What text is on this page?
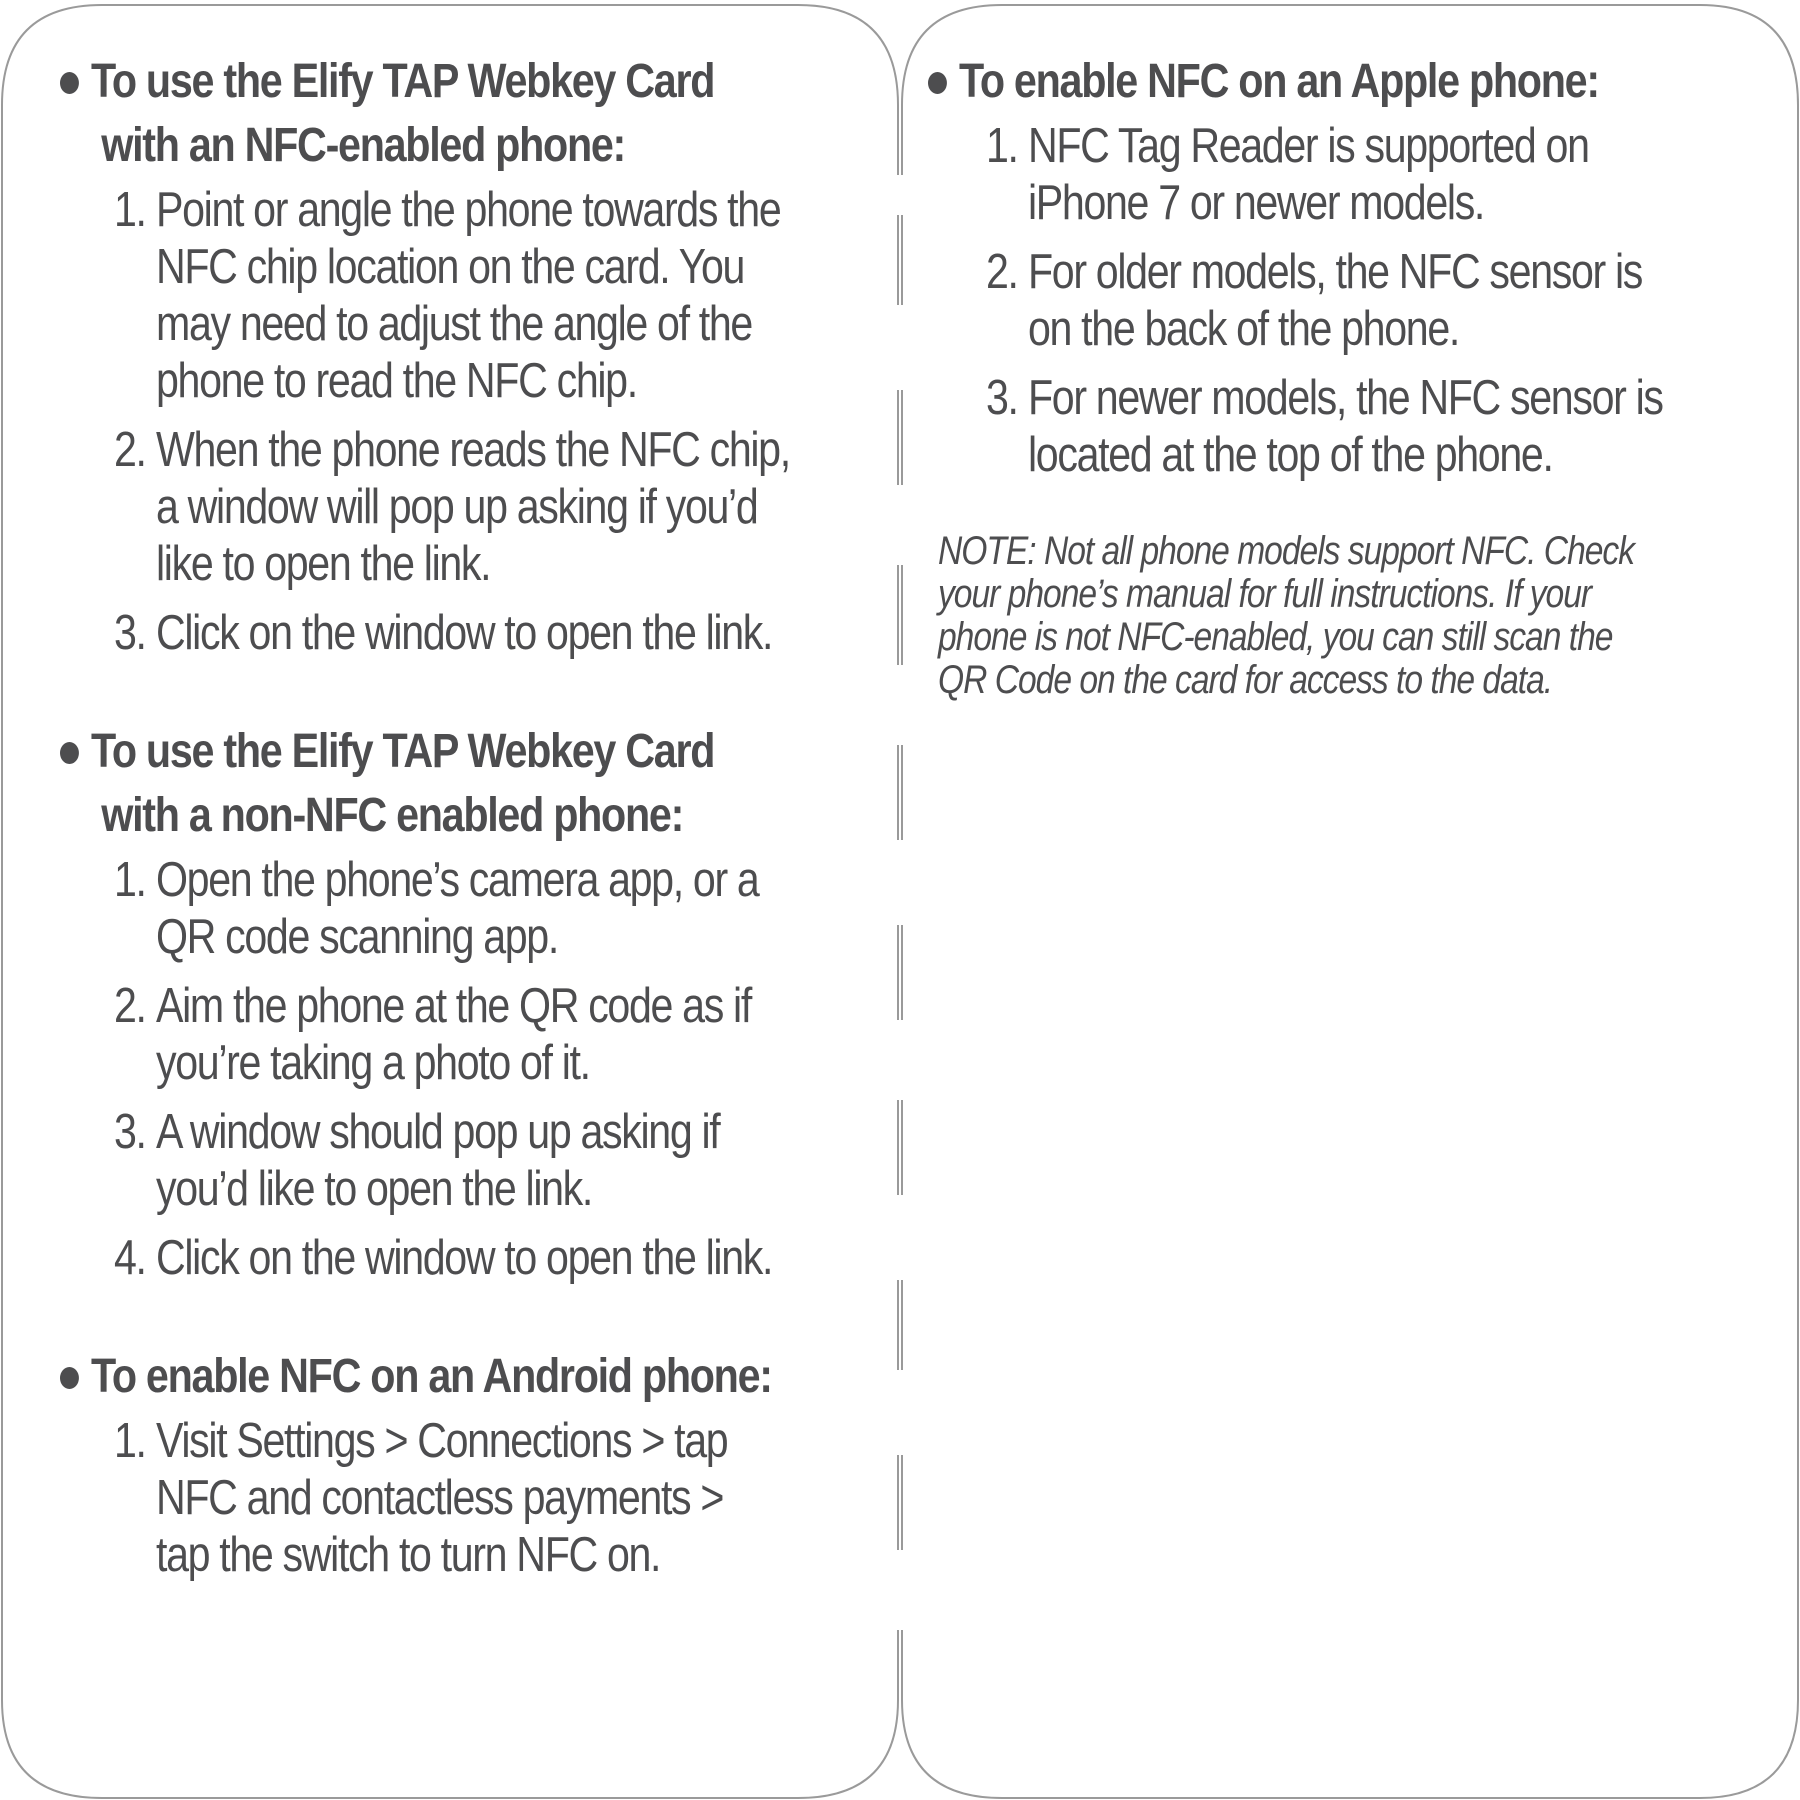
To use the Elify TAP Webkey Card
with an NFC-enabled phone:
1. Point or angle the phone towards the
NFC chip location on the card. You
may need to adjust the angle of the
phone to read the NFC chip.
2. When the phone reads the NFC chip,
a window will pop up asking if you’d
like to open the link.
3. Click on the window to open the link.
To use the Elify TAP Webkey Card
with a non-NFC enabled phone:
1. Open the phone’s camera app, or a
QR code scanning app.
2. Aim the phone at the QR code as if
you’re taking a photo of it.
3. A window should pop up asking if
you’d like to open the link.
4. Click on the window to open the link.
To enable NFC on an Android phone:
1. Visit Settings > Connections > tap
NFC and contactless payments >
tap the switch to turn NFC on.
To enable NFC on an Apple phone:
1. NFC Tag Reader is supported on
iPhone 7 or newer models.
2. For older models, the NFC sensor is
on the back of the phone.
3. For newer models, the NFC sensor is
located at the top of the phone.
NOTE: Not all phone models support NFC. Check
your phone’s manual for full instructions. If your
phone is not NFC-enabled, you can still scan the
QR Code on the card for access to the data.
